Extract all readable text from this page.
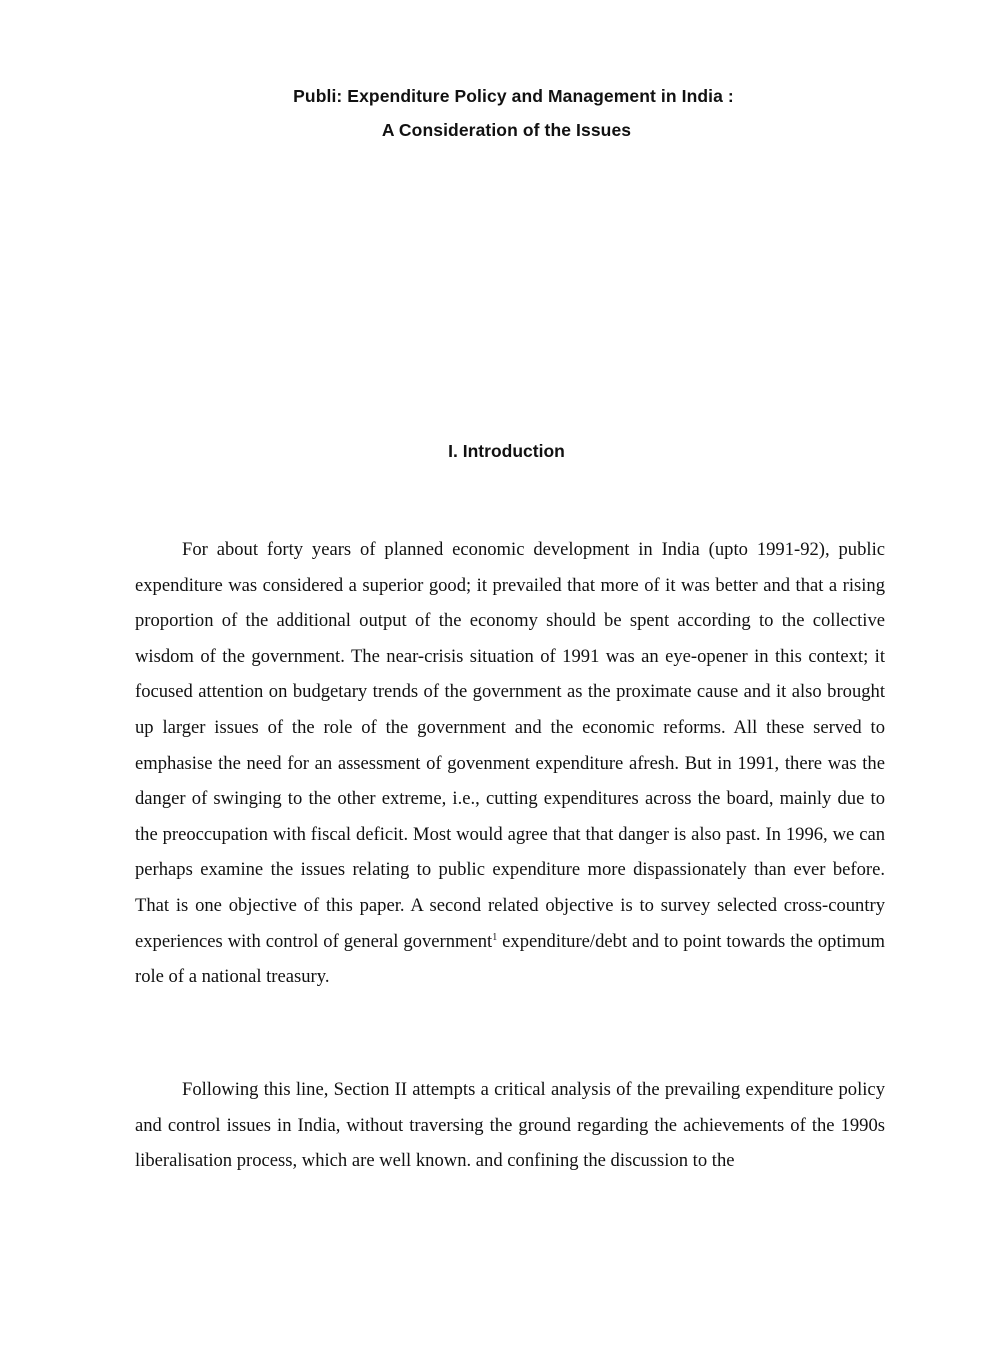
Publi: Expenditure Policy and Management in India :
A Consideration of the Issues
I. Introduction

For about forty years of planned economic development in India (upto 1991-92), public expenditure was considered a superior good; it prevailed that more of it was better and that a rising proportion of the additional output of the economy should be spent according to the collective wisdom of the government. The near-crisis situation of 1991 was an eye-opener in this context; it focused attention on budgetary trends of the government as the proximate cause and it also brought up larger issues of the role of the government and the economic reforms. All these served to emphasise the need for an assessment of govenment expenditure afresh. But in 1991, there was the danger of swinging to the other extreme, i.e., cutting expenditures across the board, mainly due to the preoccupation with fiscal deficit. Most would agree that that danger is also past. In 1996, we can perhaps examine the issues relating to public expenditure more dispassionately than ever before. That is one objective of this paper. A second related objective is to survey selected cross-country experiences with control of general government$^1$ expenditure/debt and to point towards the optimum role of a national treasury.

Following this line, Section II attempts a critical analysis of the prevailing expenditure policy and control issues in India, without traversing the ground regarding the achievements of the 1990s liberalisation process, which are well known. and confining the discussion to the
